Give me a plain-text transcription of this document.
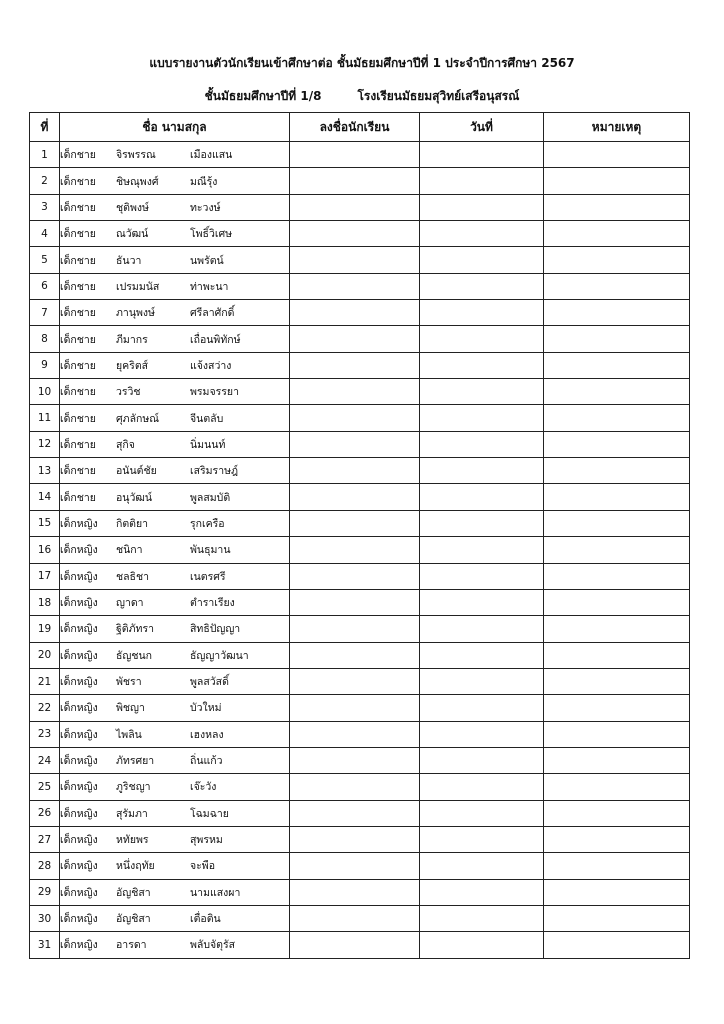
แบบรายงานตัวนักเรียนเข้าศึกษาต่อ ชั้นมัธยมศึกษาปีที่ 1 ประจำปีการศึกษา 2567
ชั้นมัธยมศึกษาปีที่ 1/8	โรงเรียนมัธยมสุวิทย์เสรีอนุสรณ์
ที่	ชื่อ นามสกุล	ลงชื่อนักเรียน	วันที่	หมายเหตุ
1	เด็กชาย จิรพรรณ เมืองแสน			
2	เด็กชาย ชิษณุพงศ์ มณีรุ้ง			
3	เด็กชาย ชุติพงษ์ ทะวงษ์			
4	เด็กชาย ณวัฒน์ โพธิ์วิเศษ			
5	เด็กชาย ธันวา นพรัตน์			
6	เด็กชาย เปรมมนัส ท่าพะนา			
7	เด็กชาย ภานุพงษ์ ศรีลาศักดิ์			
8	เด็กชาย ภีมากร เถื่อนพิทักษ์			
9	เด็กชาย ยุคริตส์ แจ้งสว่าง			
10	เด็กชาย วรวิช พรมจรรยา			
11	เด็กชาย ศุภลักษณ์ จีนตลับ			
12	เด็กชาย สุกิจ นิ่มนนท์			
13	เด็กชาย อนันต์ชัย เสริมราษฎ์			
14	เด็กชาย อนุวัฒน์ พูลสมบัติ			
15	เด็กหญิง กิตติยา รุกเครือ			
16	เด็กหญิง ชนิกา พันธุมาน			
17	เด็กหญิง ชลธิชา เนตรศรี			
18	เด็กหญิง ญาดา ตำราเรียง			
19	เด็กหญิง ฐิติภัทรา สิทธิปัญญา			
20	เด็กหญิง ธัญชนก ธัญญาวัฒนา			
21	เด็กหญิง พัชรา พูลสวัสดิ์			
22	เด็กหญิง พิชญา บัวใหม่			
23	เด็กหญิง ไพลิน เฮงหลง			
24	เด็กหญิง ภัทรศยา ถิ่นแก้ว			
25	เด็กหญิง ภูริชญา เจ๊ะวัง			
26	เด็กหญิง สุรัมภา โฉมฉาย			
27	เด็กหญิง หทัยพร สุพรหม			
28	เด็กหญิง หนึ่งฤทัย จะพือ			
29	เด็กหญิง อัญชิสา นามแสงผา			
30	เด็กหญิง อัญชิสา เตื่อติน			
31	เด็กหญิง อารดา พลับจัตุรัส			
